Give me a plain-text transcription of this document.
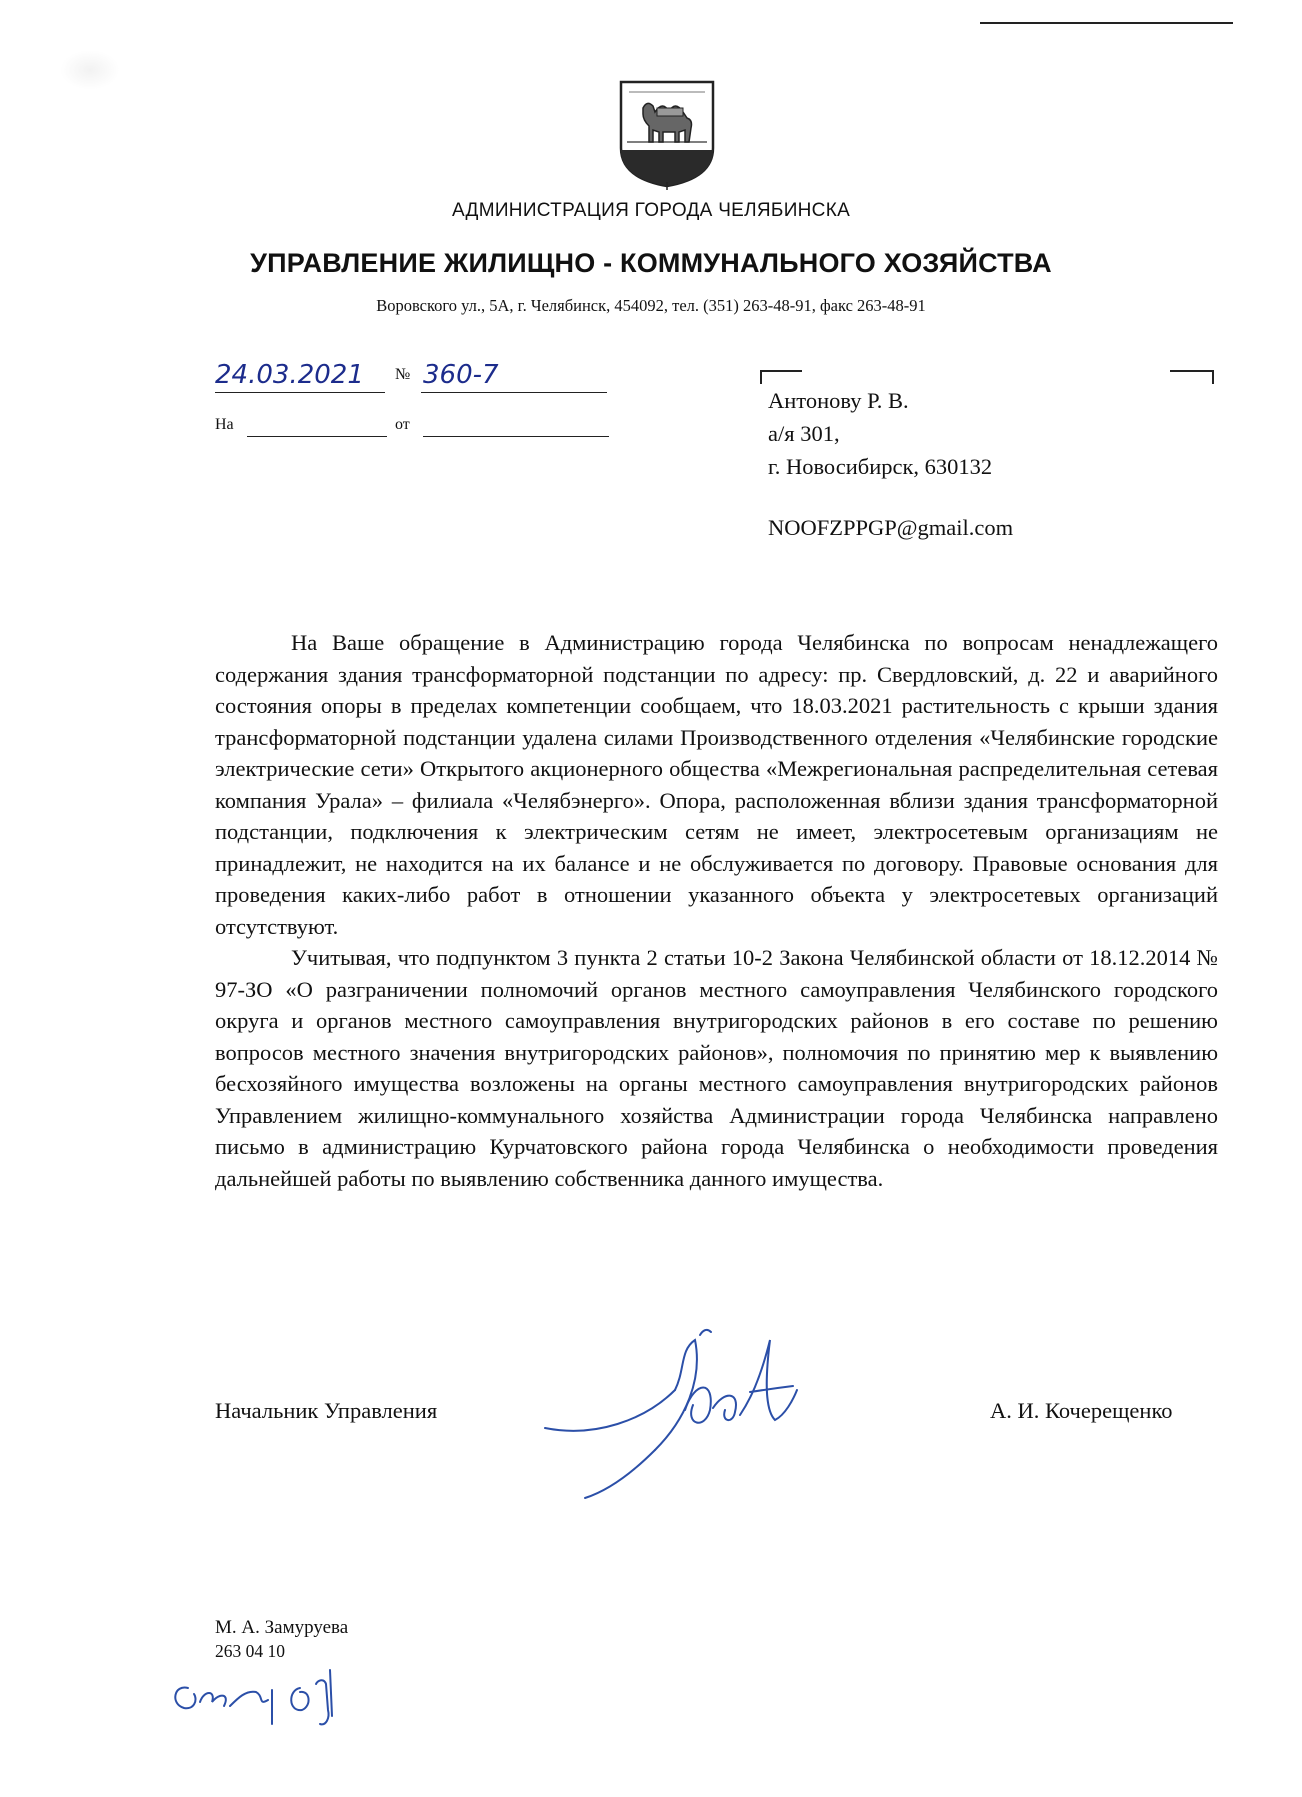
АДМИНИСТРАЦИЯ ГОРОДА ЧЕЛЯБИНСКА
УПРАВЛЕНИЕ ЖИЛИЩНО - КОММУНАЛЬНОГО ХОЗЯЙСТВА
Воровского ул., 5А, г. Челябинск, 454092, тел. (351) 263-48-91, факс 263-48-91
24.03.2021 № 360-7
На	от
Антонову Р. В.
а/я 301,
г. Новосибирск, 630132
NOOFZPPGP@gmail.com

На Ваше обращение в Администрацию города Челябинска по вопросам ненадлежащего содержания здания трансформаторной подстанции по адресу: пр. Свердловский, д. 22 и аварийного состояния опоры в пределах компетенции сообщаем, что 18.03.2021 растительность с крыши здания трансформаторной подстанции удалена силами Производственного отделения «Челябинские городские электрические сети» Открытого акционерного общества «Межрегиональная распределительная сетевая компания Урала» – филиала «Челябэнерго». Опора, расположенная вблизи здания трансформаторной подстанции, подключения к электрическим сетям не имеет, электросетевым организациям не принадлежит, не находится на их балансе и не обслуживается по договору. Правовые основания для проведения каких-либо работ в отношении указанного объекта у электросетевых организаций отсутствуют.

Учитывая, что подпунктом 3 пункта 2 статьи 10-2 Закона Челябинской области от 18.12.2014 № 97-ЗО «О разграничении полномочий органов местного самоуправления Челябинского городского округа и органов местного самоуправления внутригородских районов в его составе по решению вопросов местного значения внутригородских районов», полномочия по принятию мер к выявлению бесхозяйного имущества возложены на органы местного самоуправления внутригородских районов Управлением жилищно-коммунального хозяйства Администрации города Челябинска направлено письмо в администрацию Курчатовского района города Челябинска о необходимости проведения дальнейшей работы по выявлению собственника данного имущества.

Начальник Управления	А. И. Кочерещенко
М. А. Замуруева
263 04 10
